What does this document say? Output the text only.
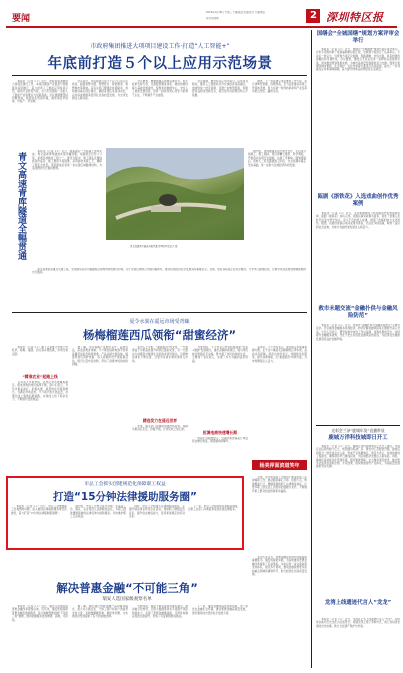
要闻	2
2023年1月18日 星期三 主编/陈磊 版编/张丹 美编/陈钦
校对/赵丽华	深圳特区报
市政府集团推进大项项目建设工作·打造“人工智能+”
年底前打造５个以上应用示范场景
　　本报讯（记者 ××）近日，市政府集团推进大项项目建设工作，本项目围绕产业链条与创新链条深度融合，着力培育人工智能应用场景示范，推动行业转型升级，全力打造国际一流的人工智能产业集聚区与创新高地。会议强调要坚持问题导向，持续优化营商环境，推动项目早落地、早投产、早见效。
　　会议指出，年底前将打造５个以上应用示范场景，涵盖智慧交通、智慧医疗、智能制造、智慧城市等领域。各有关部门要强化协同联动，加快推进重点项目建设，确保各项任务落到实处，以实际成效服务经济社会高质量发展，为全市发展注入新动能。
　　会议要求，要聚焦重点领域关键环节，加大政策支持力度，完善配套服务体系。要加快推进算力基础设施建设，统筹布局数据中心，夯实人工智能发展底座，培育一批具有核心竞争力的骨干企业，不断提升产业能级。
　　会议强调，要坚持以应用为牵引，以场景为驱动，推动人工智能技术与实体经济深度融合，加快形成一批可复制、可推广的典型经验，积极营造良好的创新生态，吸引更多优质项目和人才集聚。
　　据悉，下一步将建立项目推进工作专班，实行清单化管理，挂图作战，全力以赴推动各项工作落地见效，努力在新一轮科技革命和产业变革中抢占先机，赢得主动。
青文高速青库隧道全幅贯通
　　本报讯（记者 ××）近日，随着最后一方混凝土浇筑完成，青文高速青库隧道实现全幅贯通。该隧道全长约３公里，是项目控制性工程之一。建设过程中，施工团队克服地质条件复杂、施工难度大等困难，采用新技术新工艺，确保工程安全质量。项目建成后将进一步完善区域路网结构，为沿线群众出行提供便利。
青文高速青库隧道全幅贯通 深圳特区报记者 摄
　　据介绍，青库隧道采用分离式设计，左右线分别施工。施工期间，项目部精心组织、科学调度，严格落实各项安全措施，实现了零事故。隧道贯通后，将转入二衬及路面施工阶段，为全线通车奠定坚实基础，进一步助力区域经济协同发展。
　　青文高速是省重点交通工程，全线通车后将大幅缩短沿线城市间的通行时间，对于完善区域综合交通运输体系、推动沿线经济社会发展具有重要意义。目前，项目各标段正在有序推进，力争早日建成投用，让群众享受到更加便捷高效的出行服务。
夏令水果在遥远市场受青睐
杨梅榴莲西瓜领衔“甜蜜经济”
　　本报讯（记者 ××）眼下正是夏令水果上市旺季，杨梅、榴莲、西瓜等水果热销，市场交易活跃。
“精准农业”起跑上线
　　走进各大水果市场，各类应季水果琳琅满目，前来选购的市民络绎不绝。商户们表示，今年水果品质好、价格实惠，销量较往年明显增长。为满足市场需求，不少商户加大进货量，并通过线上渠道拓展销路，实现线上线下同步发力，不断提升经营效益。
　　据了解，今年杨梅产量稳中有升，品质优良，深受消费者青睐。不少果农借助电商平台和直播带货拓宽销售渠道，产品远销全国各地。榴莲和西瓜同样热销，各大商超纷纷开展促销活动，吸引大量市民选购，带动了消费市场的持续回暖。
精选发力在遥远世界
　　业内人士分析，“甜蜜经济”的火热，一方面得益于水果品质提升和供应链的完善，另一方面也与消费者对健康生活的追求密切相关。冷链物流体系不断完善，让更多优质水果快速进入市场。
　　未来，相关部门将继续加强市场监管，保障水果供应充足、价格平稳，让市民吃上放心果。
　　与此同时，不少农业合作社积极探索“农业+旅游”发展模式，推出采摘体验项目，吸引市民前往果园亲手采摘，既丰富了市民的休闲生活，又增加了农民收入，实现了多方共赢的良好局面。
抢滩电商快速增长期
　　电商平台数据显示，近期水果类商品订单量同比增长明显，销售额持续攀升。
　　采访中，不少市民表示，现在购买水果越来越方便，足不出户就能买到新鲜的应季水果，品质也有保障。商家也纷纷表示，将继续优化服务，提升消费体验，让“甜蜜经济”持续升温，为市场繁荣注入活力。
杨美萍面滨道笑年
市总工会抓实创建规范化保障职工权益
打造“15分钟法律援助服务圈”
　　本报讯（记者 ××）近日，市总工会聚焦职工急难愁盼问题，深入推进法律援助服务规范化建设，着力打造“15分钟法律援助服务圈”。
　　据介绍，市总工会整合各方资源，在基层工会、园区、企业等设立法律服务站点，为职工提供便捷高效的法律咨询与援助服务，切实维护职工合法权益。
　　同时，市总工会组建专业律师服务团队，定期开展法律宣传进企业活动，帮助职工增强法治意识，提升依法维权能力，营造和谐稳定的劳动关系。
　　下一步，市总工会将持续完善服务网络，让职工在家门口就能享受到优质法律服务。
　　另悉，近年来各级工会组织不断深化职工法律援助工作，推动服务重心下移、资源下沉，构建覆盖广泛、便捷高效的职工法律服务体系，让更多职工感受到工会组织的温暖与关怀，不断提升职工群众的获得感和幸福感。
解决普惠金融“不可能三角”
瑞安人选国家级观察名单
　　本报讯（记者 ××）近日，瑞安入选国家级普惠金融改革观察名单。近年来，瑞安积极探索普惠金融发展新路径，着力破解普惠金融“不可能三角”难题，推动金融服务更加便捷、高效、可持续。
　　据了解，瑞安通过创新金融产品和服务模式，加大对小微企业、个体工商户和农户的信贷支持力度，有效缓解融资难、融资贵问题，为实体经济发展提供了有力的金融支撑。
　　与此同时，瑞安不断完善信用体系建设，推动数字化转型，运用大数据等技术手段提升风险防控能力，实现了普惠金融覆盖面、可得性和满意度的全面提升，形成了可复制的经验做法。
　　下一步，瑞安将继续深化改革创新，进一步优化金融生态环境，推动普惠金融高质量发展，更好服务地方经济社会发展大局。
　　业内专家认为，普惠金融是实现共同富裕的重要抓手。瑞安的探索实践，为各地推进普惠金融改革提供了有益借鉴。未来应进一步完善政策支持体系，强化多方协同，推动金融资源更多流向重点领域和薄弱环节，助力经济社会高质量发展。
国缮会“全城国缮”规划方案评审会举行
　　本报讯（记者 ××）近日，国缮会“全城国缮”规划方案评审会举行。评审专家组听取了规划编制单位的汇报，对规划方案进行了认真审议。专家们一致认为，该规划方案定位准确、思路清晰、内容全面，具有较强的前瞻性和可操作性。会议要求，要结合专家意见进一步修改完善规划方案，加快推进规划落地实施，为城市高质量发展提供有力支撑。规划方案围绕城市更新、生态保护、文化传承等方面进行系统谋划，提出了一系列重点任务和保障措施，着力提升城市品质和居民生活质量。
瓯剧《浙铁花》入选戏曲创作优秀案例
　　本报讯（记者 ××）近日，文化和旅游部公布戏曲创作优秀案例名单，瓯剧《浙铁花》成功入选。该剧以真实故事为蓝本，讲述了普通人在时代洪流中坚守信念、奋斗不息的感人故事，展现了浓郁的地方文化特色。据悉，该剧自首演以来深受观众喜爱，先后在多地巡演，取得了良好的社会反响，为地方戏曲传承发展注入新活力。
救市未题交流“金融扑供与金融风险防范”
　　本报讯（记者 ××）近日，市举办“金融扑供与金融风险防范”专题交流会。会议围绕金融服务实体经济、防范化解金融风险等主题展开深入交流。与会人员表示，要坚持稳中求进工作总基调，统筹发展和安全，持续提升金融服务质效，守住不发生系统性金融风险的底线，为经济社会健康发展营造良好金融环境。
光彩会兰泽“鹿城年货”直播带货
鹿城万洋科技城即日开工
　　本报讯（记者 ××）近日，鹿城万洋科技城项目正式开工建设。该项目总投资约数十亿元，规划建设标准厂房、研发中心及配套设施，建成后将吸引一批优质企业入驻，形成产业集聚效应。项目方表示，将加快推进工程建设，确保项目早日建成投用，为区域经济发展注入新动能。同时，鹿城区将持续优化营商环境，强化要素保障，全力服务项目建设，推动更多优质项目落地生根、开花结果，加快构建现代产业体系，为高质量发展提供坚实支撑。
龙湾上线遗迹代言人“龙龙”
　　本报讯（记者 ××）近日，龙湾区正式上线遗迹代言人“龙龙”。该形象以地方历史文化为灵感设计，将通过线上线下多种方式，向公众讲述龙湾的历史故事，助力文化遗产保护与传承。
